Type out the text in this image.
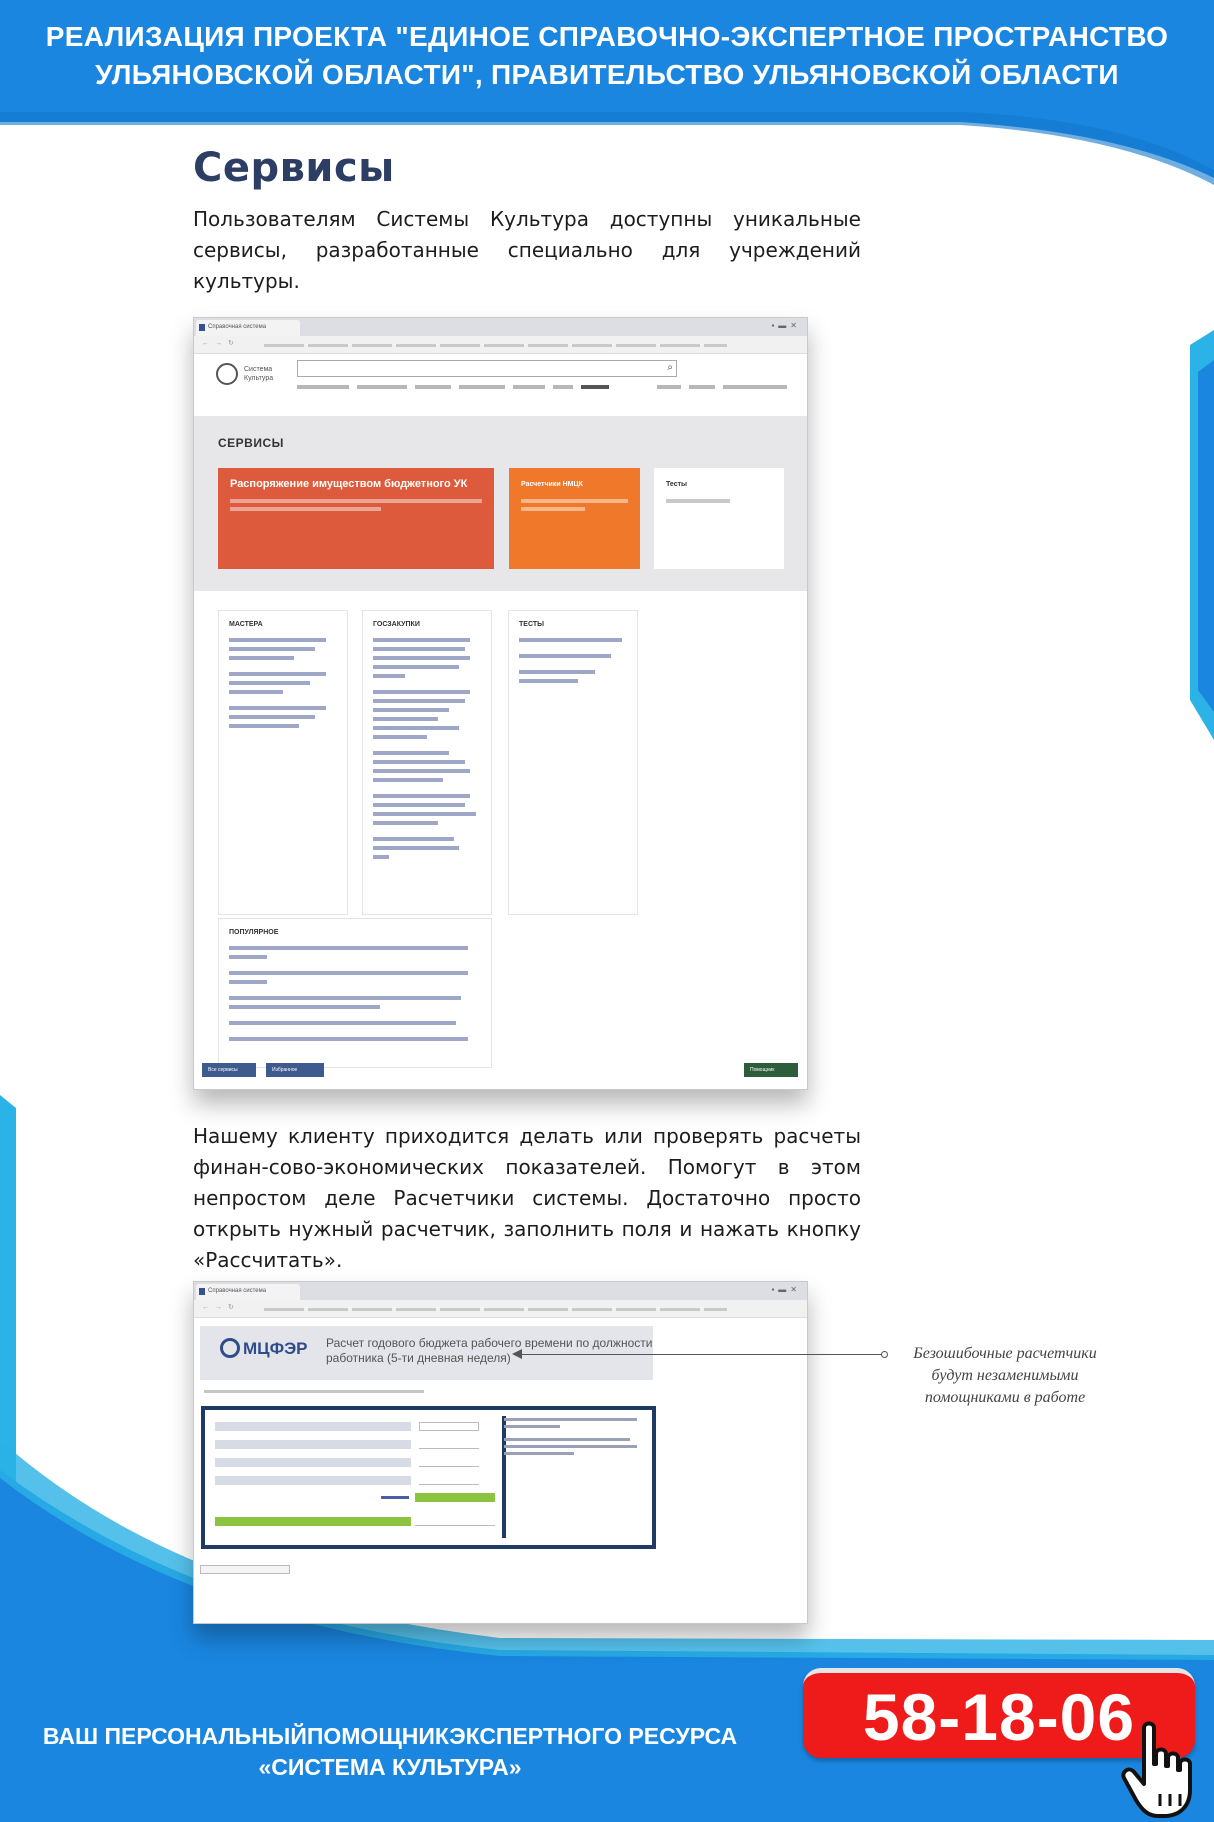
РЕАЛИЗАЦИЯ ПРОЕКТА "ЕДИНОЕ СПРАВОЧНО-ЭКСПЕРТНОЕ ПРОСТРАНСТВО
УЛЬЯНОВСКОЙ ОБЛАСТИ", ПРАВИТЕЛЬСТВО УЛЬЯНОВСКОЙ ОБЛАСТИ
Сервисы
Пользователям Системы Культура доступны уникальные сервисы, разработанные специально для учреждений культуры.
Справочная система	▪▬✕
←→↻
Система
Культура
⌕
СЕРВИСЫ
Распоряжение имуществом бюджетного УК	Расчетчики НМЦК	Тесты
МАСТЕРА	ГОСЗАКУПКИ	ТЕСТЫ
ПОПУЛЯРНОЕ
Все сервисы	Избранное	Помощник
Нашему клиенту приходится делать или проверять расчеты финан-сово-экономических показателей. Помогут в этом непростом деле Расчетчики системы. Достаточно просто открыть нужный расчетчик, заполнить поля и нажать кнопку «Рассчитать».
Справочная система	▪▬✕
←→↻
МЦФЭР Расчет годового бюджета рабочего времени по должности
работника (5-ти дневная неделя)	Безошибочные расчетчики
будут незаменимыми
помощниками в работе
ВАШ ПЕРСОНАЛЬНЫЙПОМОЩНИКЭКСПЕРТНОГО РЕСУРСА
«СИСТЕМА КУЛЬТУРА»
58-18-06
